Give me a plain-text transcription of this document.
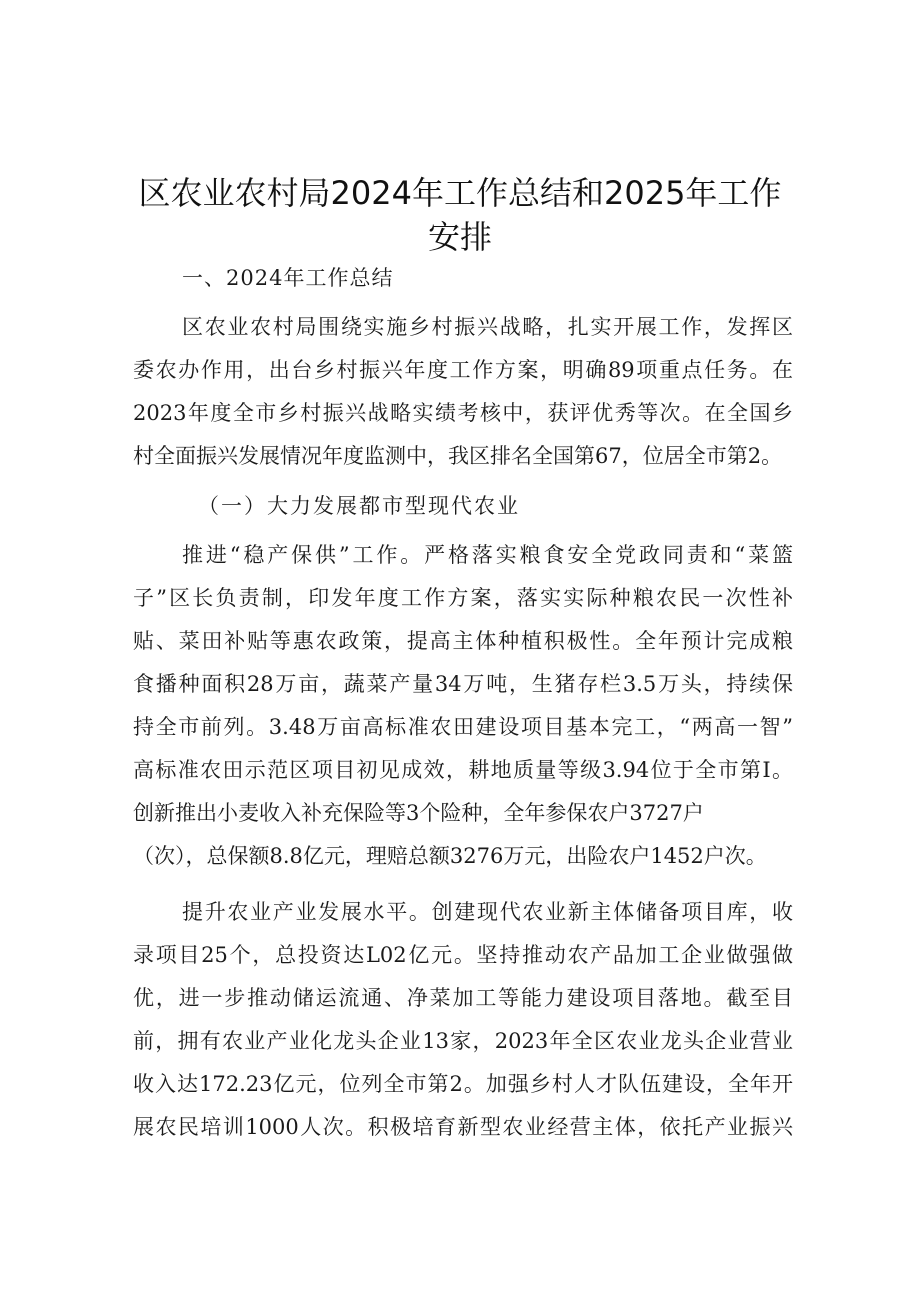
区农业农村局2024年工作总结和2025年工作
安排
一、2024年工作总结

区农业农村局围绕实施乡村振兴战略，扎实开展工作，发挥区

委农办作用，出台乡村振兴年度工作方案，明确89项重点任务。在

2023年度全市乡村振兴战略实绩考核中，获评优秀等次。在全国乡

村全面振兴发展情况年度监测中，我区排名全国第67，位居全市第2。

（一）大力发展都市型现代农业

推进“稳产保供”工作。严格落实粮食安全党政同责和“菜篮

子”区长负责制，印发年度工作方案，落实实际种粮农民一次性补

贴、菜田补贴等惠农政策，提高主体种植积极性。全年预计完成粮

食播种面积28万亩，蔬菜产量34万吨，生猪存栏3.5万头，持续保

持全市前列。3.48万亩高标准农田建设项目基本完工，“两高一智”

高标准农田示范区项目初见成效，耕地质量等级3.94位于全市第I。

创新推出小麦收入补充保险等3个险种，全年参保农户3727户

（次），总保额8.8亿元，理赔总额3276万元，出险农户1452户次。

提升农业产业发展水平。创建现代农业新主体储备项目库，收

录项目25个，总投资达L02亿元。坚持推动农产品加工企业做强做

优，进一步推动储运流通、净菜加工等能力建设项目落地。截至目

前，拥有农业产业化龙头企业13家，2023年全区农业龙头企业营业

收入达172.23亿元，位列全市第2。加强乡村人才队伍建设，全年开

展农民培训1000人次。积极培育新型农业经营主体，依托产业振兴
